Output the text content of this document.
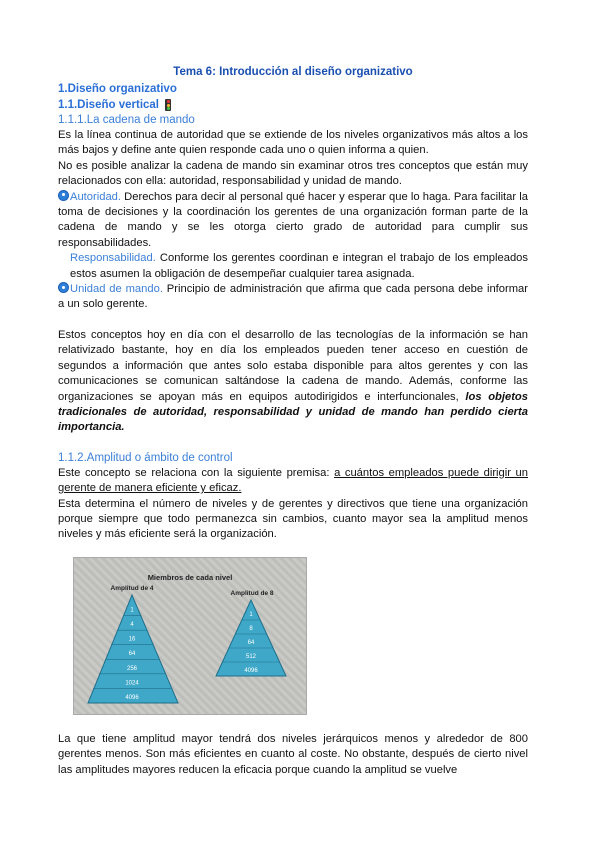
Tema 6: Introducción al diseño organizativo
1.Diseño organizativo
1.1.Diseño vertical
1.1.1.La cadena de mando

Es la línea continua de autoridad que se extiende de los niveles organizativos más altos a los más bajos y define ante quien responde cada uno o quien informa a quien.

No es posible analizar la cadena de mando sin examinar otros tres conceptos que están muy relacionados con ella: autoridad, responsabilidad y unidad de mando.

Autoridad. Derechos para decir al personal qué hacer y esperar que lo haga. Para facilitar la toma de decisiones y la coordinación los gerentes de una organización forman parte de la cadena de mando y se les otorga cierto grado de autoridad para cumplir sus responsabilidades.

Responsabilidad. Conforme los gerentes coordinan e integran el trabajo de los empleados estos asumen la obligación de desempeñar cualquier tarea asignada.

Unidad de mando. Principio de administración que afirma que cada persona debe informar a un solo gerente.

Estos conceptos hoy en día con el desarrollo de las tecnologías de la información se han relativizado bastante, hoy en día los empleados pueden tener acceso en cuestión de segundos a información que antes solo estaba disponible para altos gerentes y con las comunicaciones se comunican saltándose la cadena de mando. Además, conforme las organizaciones se apoyan más en equipos autodirigidos e interfuncionales, los objetos tradicionales de autoridad, responsabilidad y unidad de mando han perdido cierta importancia.

1.1.2.Amplitud o ámbito de control

Este concepto se relaciona con la siguiente premisa: a cuántos empleados puede dirigir un gerente de manera eficiente y eficaz.

Esta determina el número de niveles y de gerentes y directivos que tiene una organización porque siempre que todo permanezca sin cambios, cuanto mayor sea la amplitud menos niveles y más eficiente será la organización.

Miembros de cada nivel
Amplitud de 4
Amplitud de 8
1
4
16
64
256
1024
4096
1
8
64
512
4096

La que tiene amplitud mayor tendrá dos niveles jerárquicos menos y alrededor de 800 gerentes menos. Son más eficientes en cuanto al coste. No obstante, después de cierto nivel las amplitudes mayores reducen la eficacia porque cuando la amplitud se vuelve
